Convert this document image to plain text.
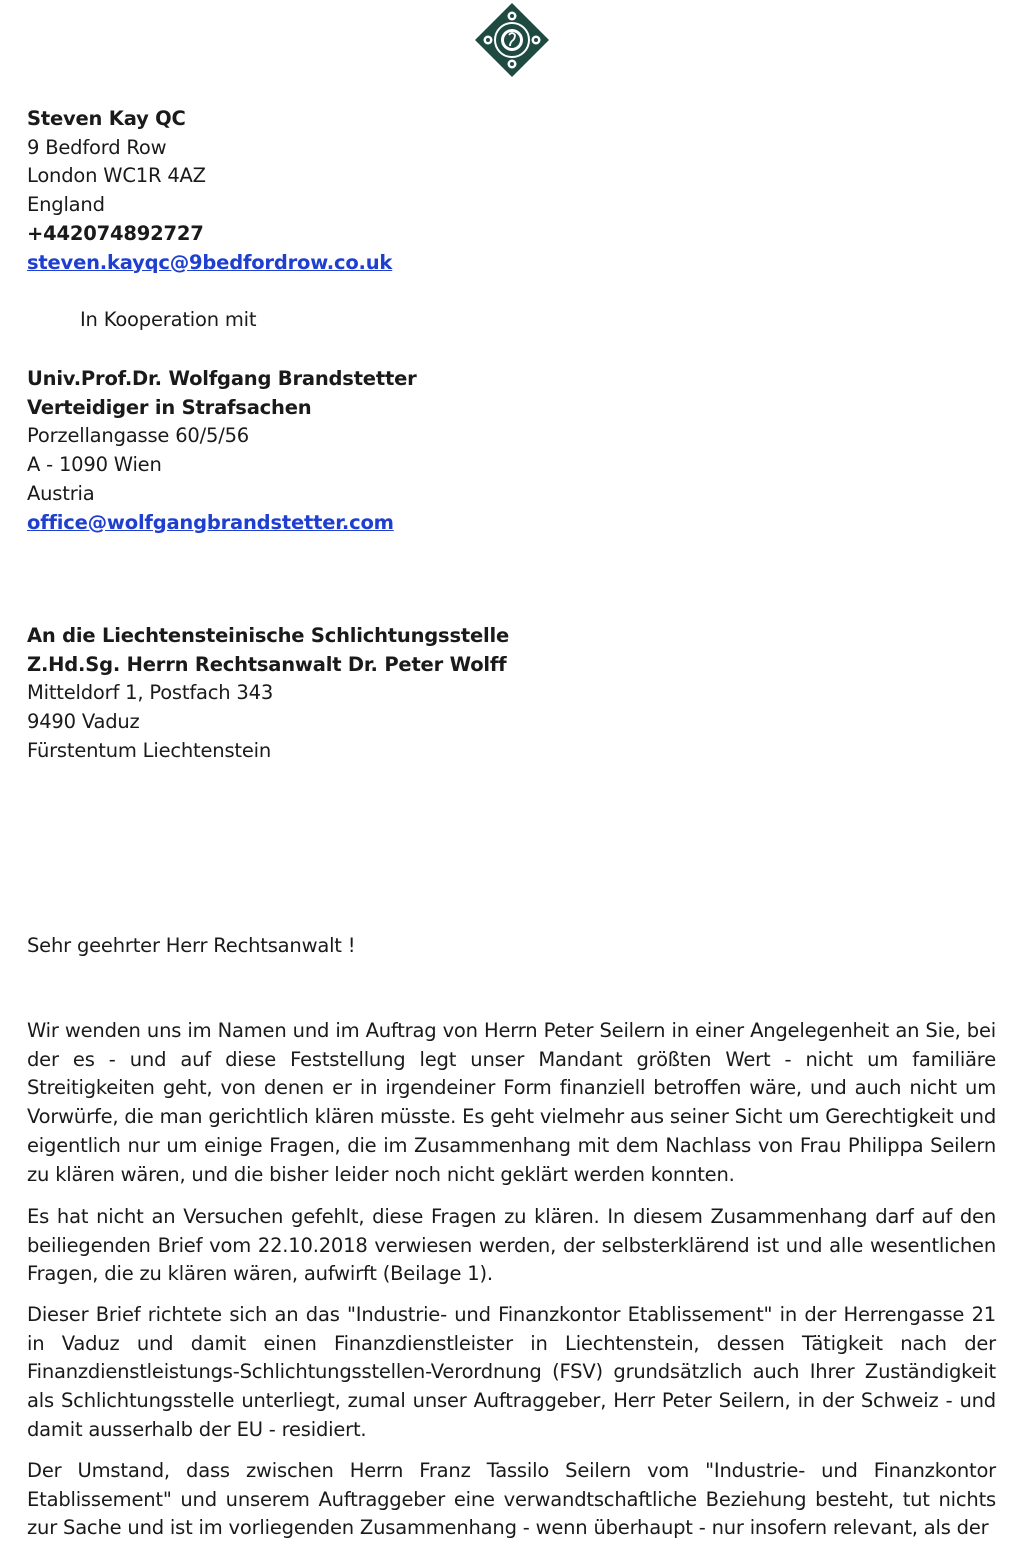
Steven Kay QC
9 Bedford Row
London WC1R 4AZ
England
+442074892727
steven.kayqc@9bedfordrow.co.uk
In Kooperation mit
Univ.Prof.Dr. Wolfgang Brandstetter
Verteidiger in Strafsachen
Porzellangasse 60/5/56
A - 1090 Wien
Austria
office@wolfgangbrandstetter.com
An die Liechtensteinische Schlichtungsstelle
Z.Hd.Sg. Herrn Rechtsanwalt Dr. Peter Wolff
Mitteldorf 1, Postfach 343
9490 Vaduz
Fürstentum Liechtenstein
Sehr geehrter Herr Rechtsanwalt !

Wir wenden uns im Namen und im Auftrag von Herrn Peter Seilern in einer Angelegenheit an Sie, bei der es - und auf diese Feststellung legt unser Mandant größten Wert - nicht um familiäre Streitigkeiten geht, von denen er in irgendeiner Form finanziell betroffen wäre, und auch nicht um Vorwürfe, die man gerichtlich klären müsste. Es geht vielmehr aus seiner Sicht um Gerechtigkeit und eigentlich nur um einige Fragen, die im Zusammenhang mit dem Nachlass von Frau Philippa Seilern zu klären wären, und die bisher leider noch nicht geklärt werden konnten.

Es hat nicht an Versuchen gefehlt, diese Fragen zu klären. In diesem Zusammenhang darf auf den beiliegenden Brief vom 22.10.2018 verwiesen werden, der selbsterklärend ist und alle wesentlichen Fragen, die zu klären wären, aufwirft (Beilage 1).

Dieser Brief richtete sich an das "Industrie- und Finanzkontor Etablissement" in der Herrengasse 21 in Vaduz und damit einen Finanzdienstleister in Liechtenstein, dessen Tätigkeit nach der Finanzdienstleistungs-Schlichtungsstellen-Verordnung (FSV) grundsätzlich auch Ihrer Zuständigkeit als Schlichtungsstelle unterliegt, zumal unser Auftraggeber, Herr Peter Seilern, in der Schweiz - und damit ausserhalb der EU - residiert.

Der Umstand, dass zwischen Herrn Franz Tassilo Seilern vom "Industrie- und Finanzkontor Etablissement" und unserem Auftraggeber eine verwandtschaftliche Beziehung besteht, tut nichts zur Sache und ist im vorliegenden Zusammenhang - wenn überhaupt - nur insofern relevant, als der
